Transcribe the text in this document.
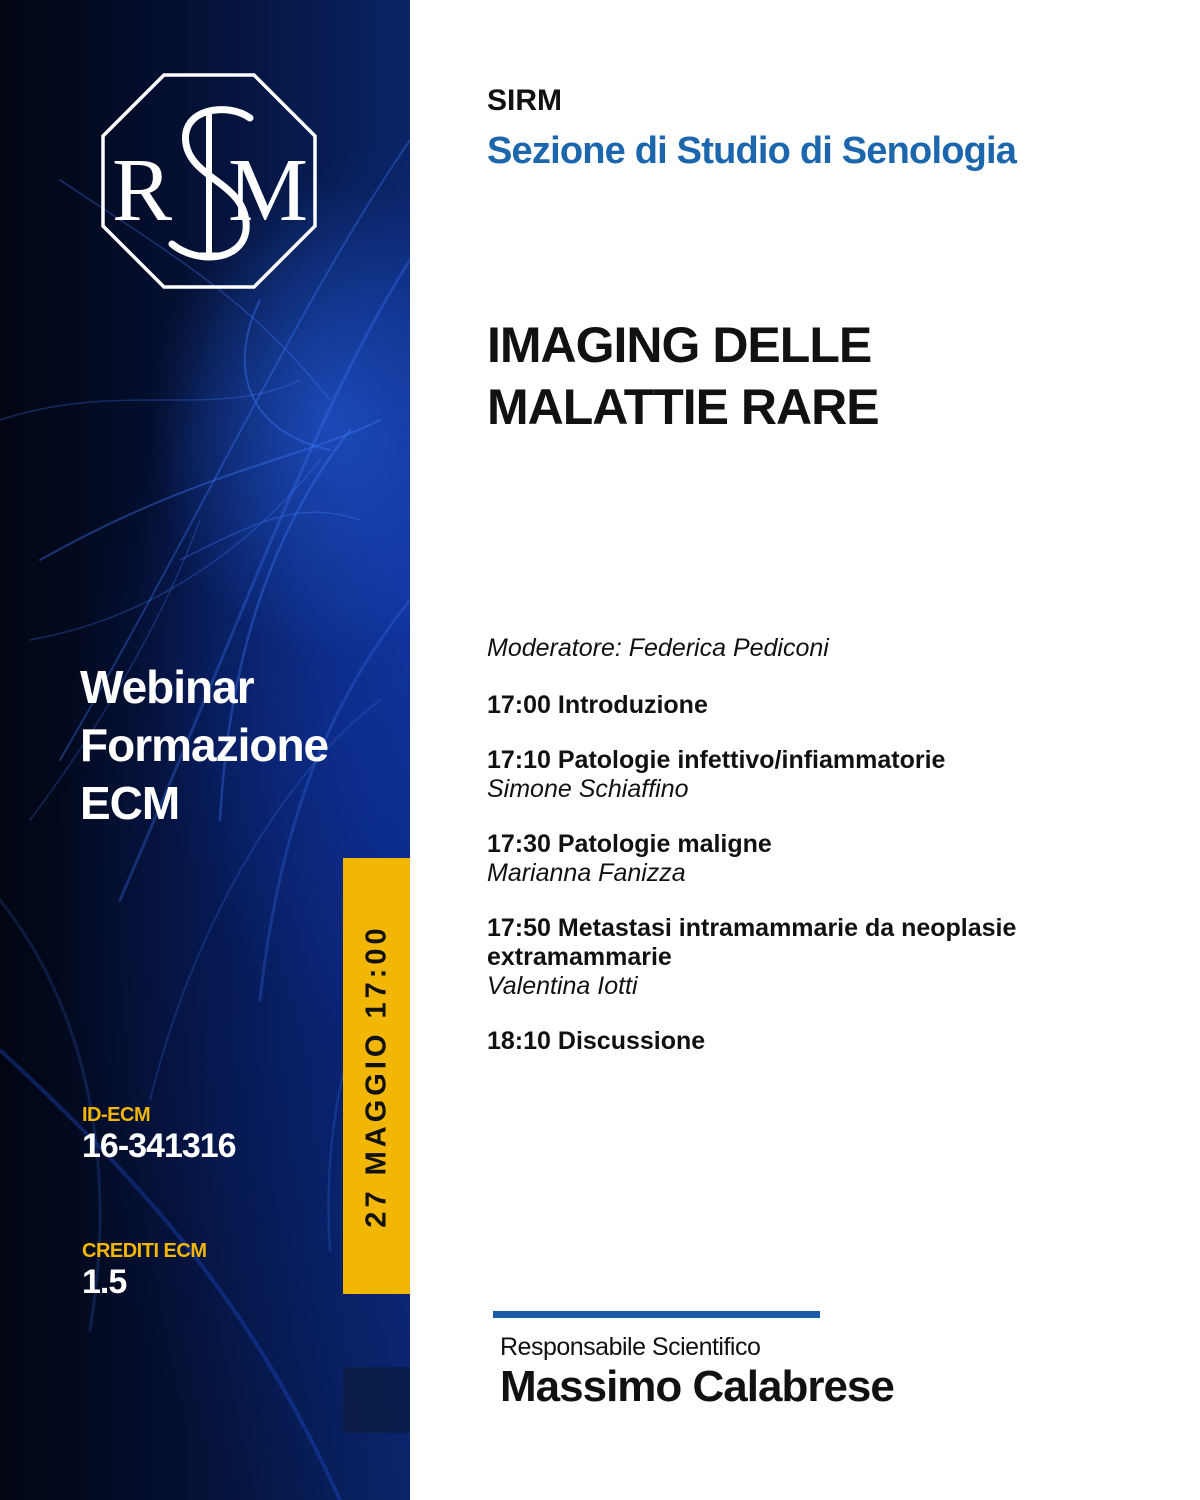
R M
Webinar
Formazione
ECM
ID-ECM
16-341316
CREDITI ECM
1.5
27 MAGGIO 17:00
SIRM
Sezione di Studio di Senologia
IMAGING DELLE
MALATTIE RARE
Moderatore: Federica Pediconi
17:00 Introduzione
17:10 Patologie infettivo/infiammatorie
Simone Schiaffino
17:30 Patologie maligne
Marianna Fanizza
17:50 Metastasi intramammarie da neoplasie extramammarie
Valentina Iotti
18:10 Discussione
Responsabile Scientifico
Massimo Calabrese
